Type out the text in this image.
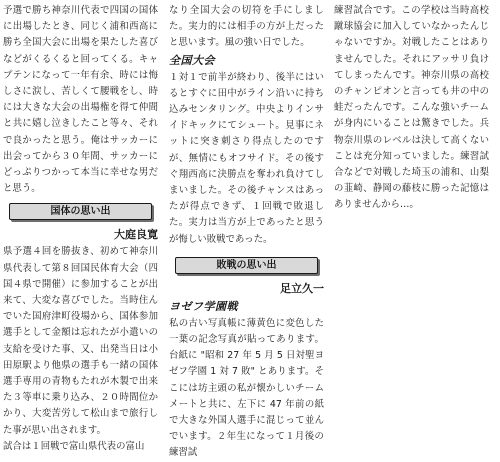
予選で勝ち神奈川代表で四国の国体に出場したとき、同じく浦和西高に勝ち全国大会に出場を果たした喜びなどがくるくると回ってくる。キャプテンになって一年有余、時には悔しさに涙し、苦しくて腰戦をし、時には大きな大会の出場権を得て仲間と共に嬉し泣きしたこと等々、それで良かったと思う。俺はサッカーに出会ってから３０年間、サッカーにどっぷりつかって本当に幸せな男だと思う。

国体の思い出

大庭良寛

県予選４回を勝抜き、初めて神奈川県代表して第８回国民体育大会（四国４県で開催）に参加することが出来て、大変な喜びでした。当時住んでいた国府津町役場から、国体参加選手として金額は忘れたが小遣いの支給を受けた事、又、出発当日は小田原駅より他県の選手も一緒の国体選手専用の青物もたれが木製で出来た３等車に乗り込み、２０時間位かかり、大変苦労して松山まで旅行した事が思い出されます。

試合は１回戦で富山県代表の富山

なり全国大会の切符を手にしました。実力的には相手の方が上だったと思います。風の強い日でした。

全国大会

１対１で前半が終わり、後半にはいるとすぐに田中がライン沿いに持ち込みセンタリング。中央よりインサイドキックにてシュート。見事にネットに突き刺さり得点したのですが、無情にもオフサイド。その後すぐ翔西高に決勝点を奪われ負けてしまいました。その後チャンスはあったが得点できず、１回戦で敗退した。実力は当方が上であったと思うが悔しい敗戦であった。

敗戦の思い出

足立久一

ヨゼフ学園戦

私の古い写真帳に薄黄色に変色した一葉の記念写真が貼ってあります。台紙に "昭和 27 年 5 月 5 日対聖ヨゼフ学園 1 対 7 敗" とあります。そこには坊主頭の私が懐かしいチームメートと共に、左下に 47 年前の紙で大きな外国人選手に混じって並んでいます。２年生になって１月後の練習試

練習試合です。この学校は当時高校蹴球協会に加入していなかったんじゃないですか。対戦したことはありませんでした。それにアッサリ負けてしまったんです。神奈川県の高校のチャンピオンと言っても井の中の蛙だったんです。こんな強いチームが身内にいることは驚きでした。兵物奈川県のレベルは決して高くないことは充分知っていました。練習試合などで対戦した埼玉の浦和、山梨の韮崎、静岡の藤枝に勝った記憶はありませんから…。
